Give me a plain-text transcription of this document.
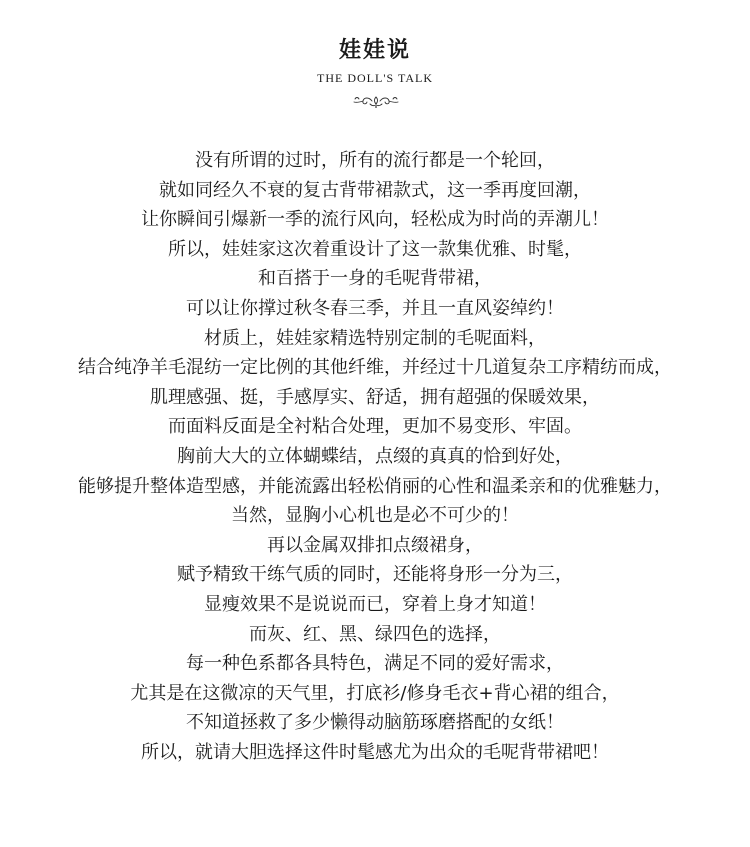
娃娃说
THE DOLL'S TALK
没有所谓的过时，所有的流行都是一个轮回，
就如同经久不衰的复古背带裙款式，这一季再度回潮，
让你瞬间引爆新一季的流行风向，轻松成为时尚的弄潮儿！
所以，娃娃家这次着重设计了这一款集优雅、时髦，
和百搭于一身的毛呢背带裙，
可以让你撑过秋冬春三季，并且一直风姿绰约！
材质上，娃娃家精选特别定制的毛呢面料，
结合纯净羊毛混纺一定比例的其他纤维，并经过十几道复杂工序精纺而成，
肌理感强、挺，手感厚实、舒适，拥有超强的保暖效果，
而面料反面是全衬粘合处理，更加不易变形、牢固。
胸前大大的立体蝴蝶结，点缀的真真的恰到好处，
能够提升整体造型感，并能流露出轻松俏丽的心性和温柔亲和的优雅魅力，
当然，显胸小心机也是必不可少的！
再以金属双排扣点缀裙身，
赋予精致干练气质的同时，还能将身形一分为三，
显瘦效果不是说说而已，穿着上身才知道！
而灰、红、黑、绿四色的选择，
每一种色系都各具特色，满足不同的爱好需求，
尤其是在这微凉的天气里，打底衫/修身毛衣+背心裙的组合，
不知道拯救了多少懒得动脑筋琢磨搭配的女纸！
所以，就请大胆选择这件时髦感尤为出众的毛呢背带裙吧！
